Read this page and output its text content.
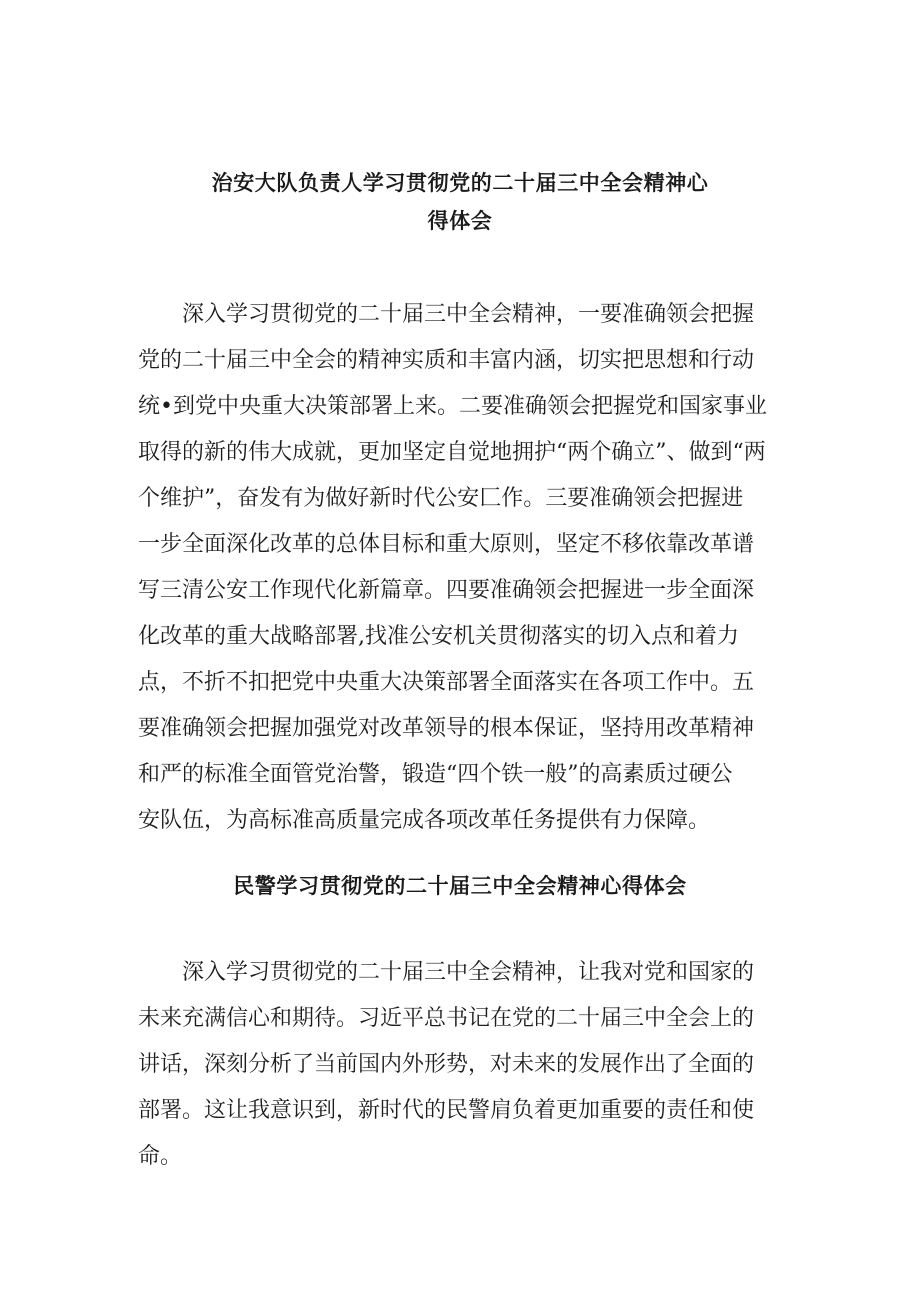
治安大队负责人学习贯彻党的二十届三中全会精神心
得体会
　　深入学习贯彻党的二十届三中全会精神，一要准确领会把握
党的二十届三中全会的精神实质和丰富内涵，切实把思想和行动
统•到党中央重大决策部署上来。二要准确领会把握党和国家事业
取得的新的伟大成就，更加坚定自觉地拥护“两个确立”、做到“两
个维护”，奋发有为做好新时代公安匚作。三要准确领会把握进
一步全面深化改革的总体目标和重大原则，坚定不移依靠改革谱
写三清公安工作现代化新篇章。四要准确领会把握进一步全面深
化改革的重大战略部署,找准公安机关贯彻落实的切入点和着力
点，不折不扣把党中央重大决策部署全面落实在各项工作中。五
要准确领会把握加强党对改革领导的根本保证，坚持用改革精神
和严的标准全面管党治警，锻造“四个铁一般”的高素质过硬公
安队伍，为高标准高质量完成各项改革任务提供有力保障。
民警学习贯彻党的二十届三中全会精神心得体会
　　深入学习贯彻党的二十届三中全会精神，让我对党和国家的
未来充满信心和期待。习近平总书记在党的二十届三中全会上的
讲话，深刻分析了当前国内外形势，对未来的发展作出了全面的
部署。这让我意识到，新时代的民警肩负着更加重要的责任和使
命。
